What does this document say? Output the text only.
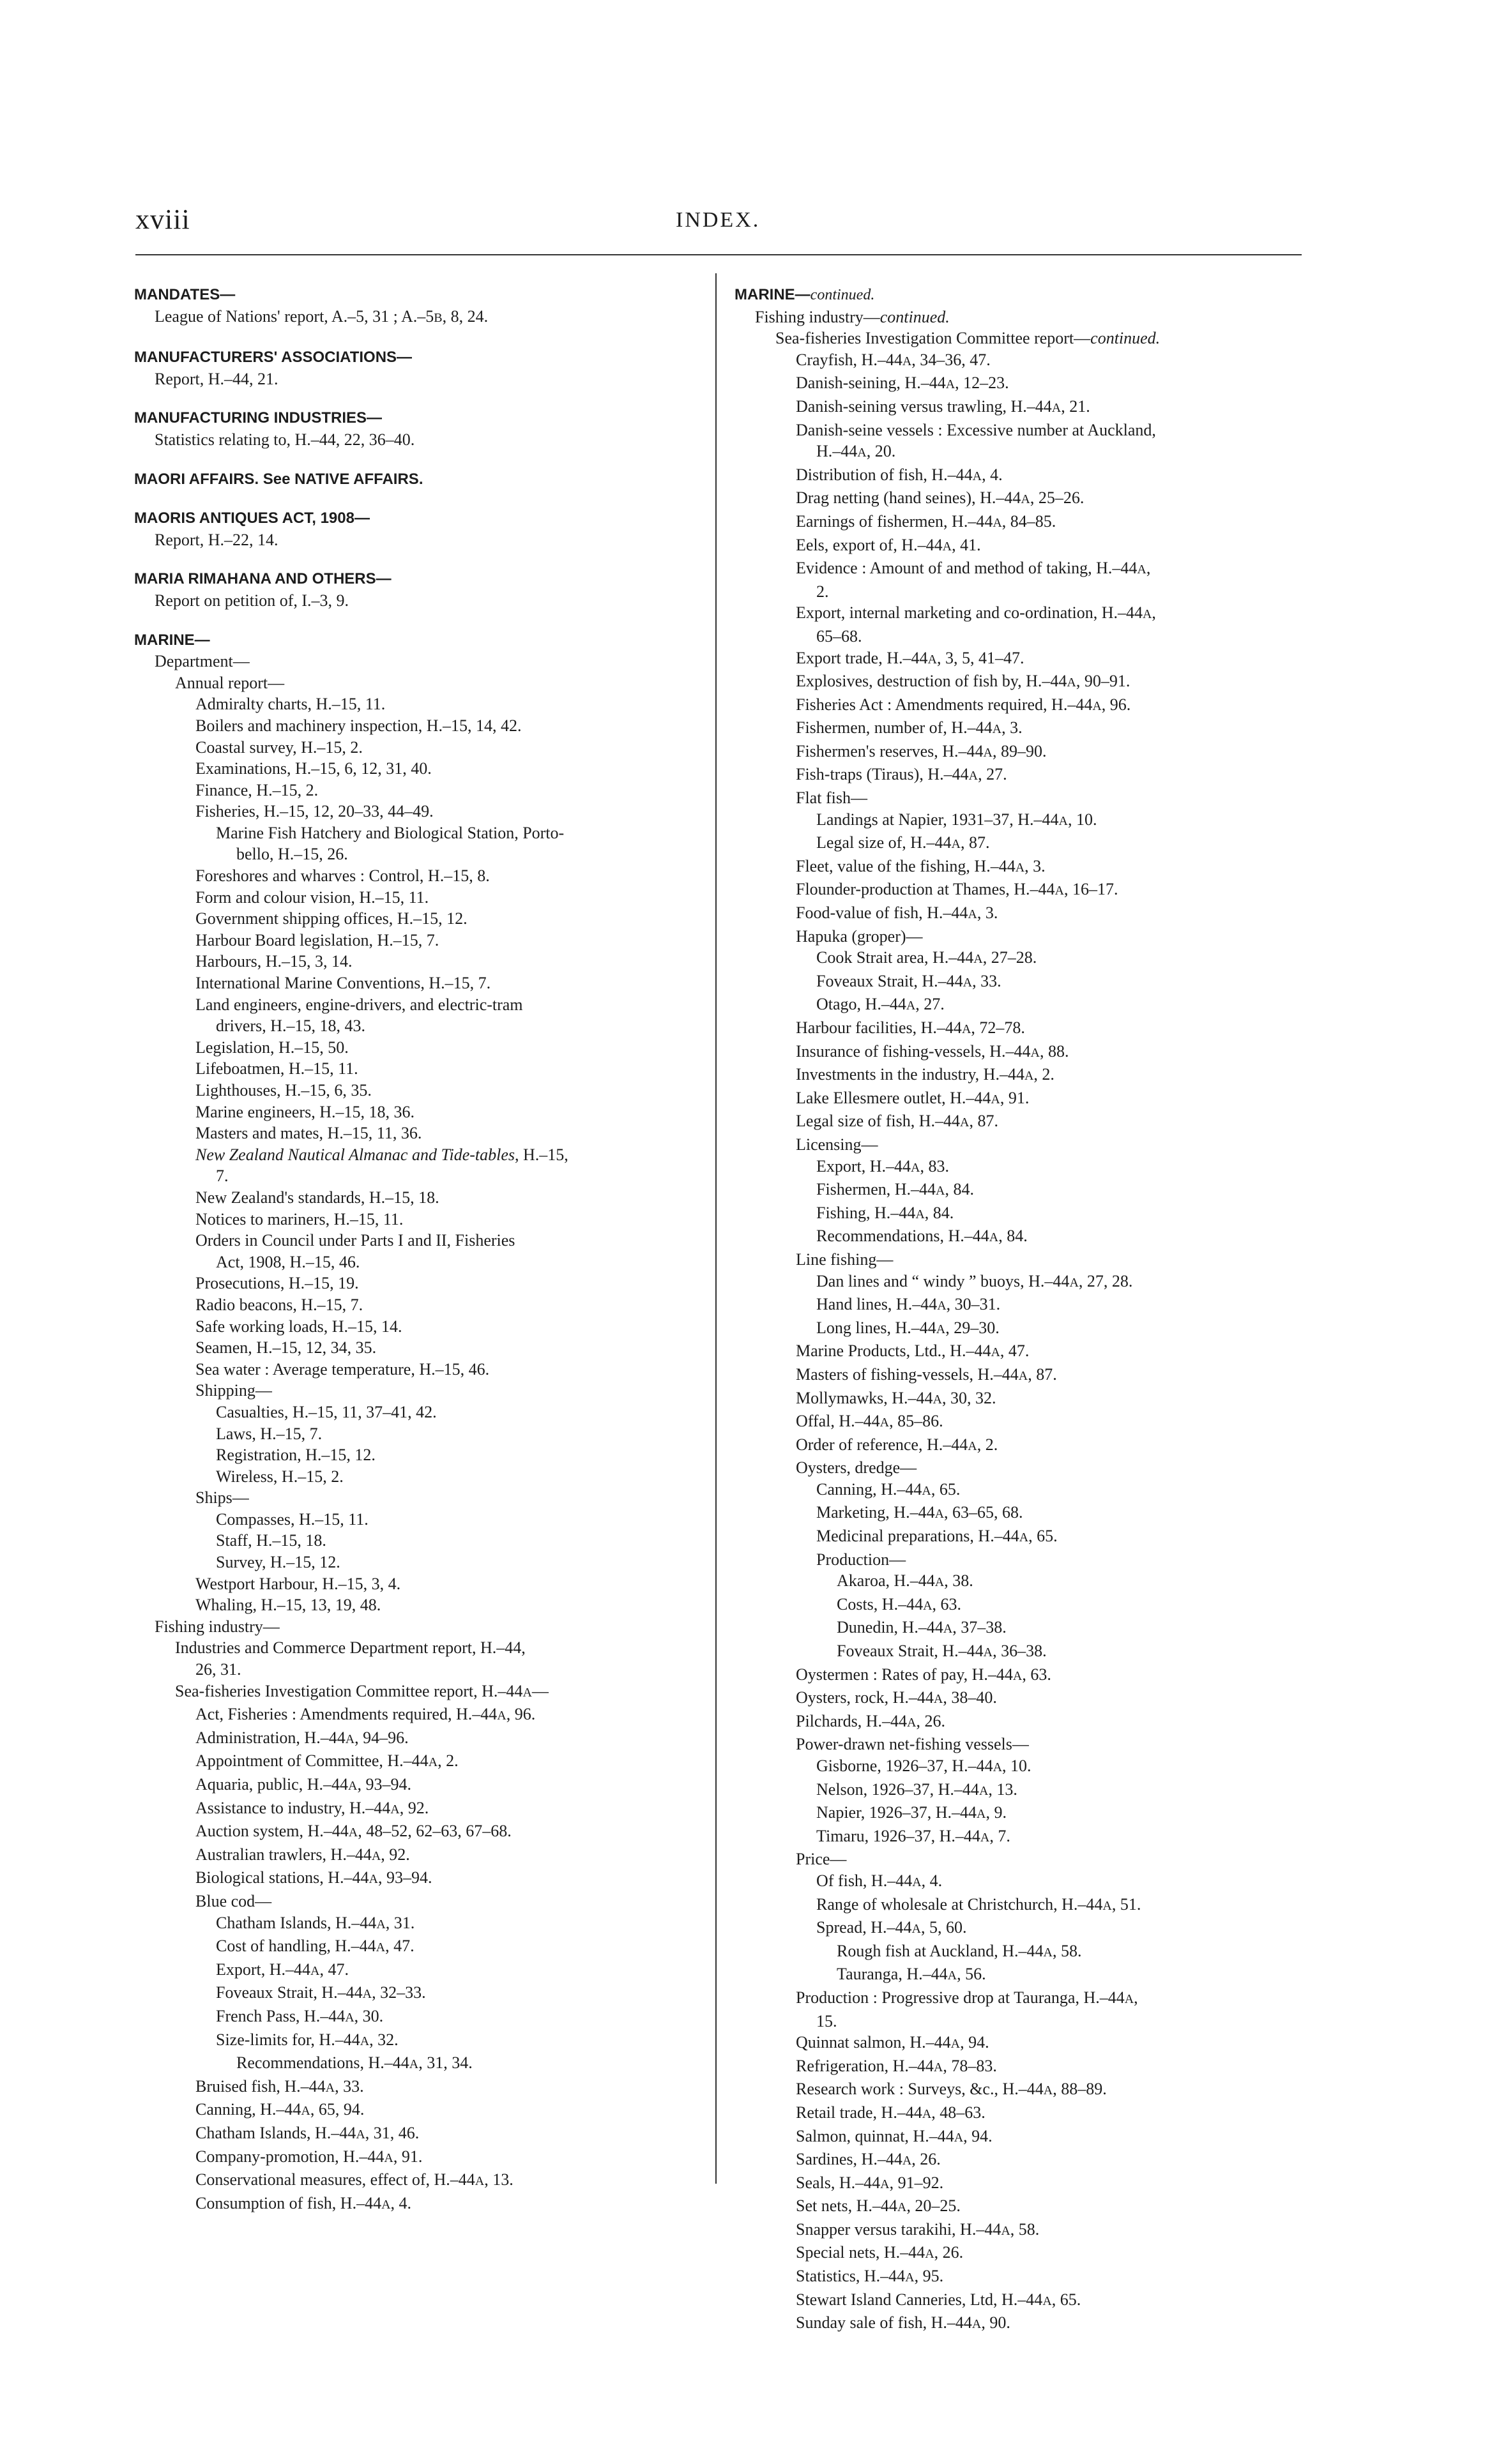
xviii	INDEX.
MANDATES—
League of Nations' report, A.–5, 31 ; A.–5B, 8, 24.
MANUFACTURERS' ASSOCIATIONS—
Report, H.–44, 21.
MANUFACTURING INDUSTRIES—
Statistics relating to, H.–44, 22, 36–40.
MAORI AFFAIRS. See NATIVE AFFAIRS.
MAORIS ANTIQUES ACT, 1908—
Report, H.–22, 14.
MARIA RIMAHANA AND OTHERS—
Report on petition of, I.–3, 9.
MARINE—
Department—
Annual report—
Admiralty charts, H.–15, 11.
Boilers and machinery inspection, H.–15, 14, 42.
Coastal survey, H.–15, 2.
Examinations, H.–15, 6, 12, 31, 40.
Finance, H.–15, 2.
Fisheries, H.–15, 12, 20–33, 44–49.
Marine Fish Hatchery and Biological Station, Porto-
bello, H.–15, 26.
Foreshores and wharves : Control, H.–15, 8.
Form and colour vision, H.–15, 11.
Government shipping offices, H.–15, 12.
Harbour Board legislation, H.–15, 7.
Harbours, H.–15, 3, 14.
International Marine Conventions, H.–15, 7.
Land engineers, engine-drivers, and electric-tram
drivers, H.–15, 18, 43.
Legislation, H.–15, 50.
Lifeboatmen, H.–15, 11.
Lighthouses, H.–15, 6, 35.
Marine engineers, H.–15, 18, 36.
Masters and mates, H.–15, 11, 36.
New Zealand Nautical Almanac and Tide-tables, H.–15,
7.
New Zealand's standards, H.–15, 18.
Notices to mariners, H.–15, 11.
Orders in Council under Parts I and II, Fisheries
Act, 1908, H.–15, 46.
Prosecutions, H.–15, 19.
Radio beacons, H.–15, 7.
Safe working loads, H.–15, 14.
Seamen, H.–15, 12, 34, 35.
Sea water : Average temperature, H.–15, 46.
Shipping—
Casualties, H.–15, 11, 37–41, 42.
Laws, H.–15, 7.
Registration, H.–15, 12.
Wireless, H.–15, 2.
Ships—
Compasses, H.–15, 11.
Staff, H.–15, 18.
Survey, H.–15, 12.
Westport Harbour, H.–15, 3, 4.
Whaling, H.–15, 13, 19, 48.
Fishing industry—
Industries and Commerce Department report, H.–44,
26, 31.
Sea-fisheries Investigation Committee report, H.–44A—
Act, Fisheries : Amendments required, H.–44A, 96.
Administration, H.–44A, 94–96.
Appointment of Committee, H.–44A, 2.
Aquaria, public, H.–44A, 93–94.
Assistance to industry, H.–44A, 92.
Auction system, H.–44A, 48–52, 62–63, 67–68.
Australian trawlers, H.–44A, 92.
Biological stations, H.–44A, 93–94.
Blue cod—
Chatham Islands, H.–44A, 31.
Cost of handling, H.–44A, 47.
Export, H.–44A, 47.
Foveaux Strait, H.–44A, 32–33.
French Pass, H.–44A, 30.
Size-limits for, H.–44A, 32.
Recommendations, H.–44A, 31, 34.
Bruised fish, H.–44A, 33.
Canning, H.–44A, 65, 94.
Chatham Islands, H.–44A, 31, 46.
Company-promotion, H.–44A, 91.
Conservational measures, effect of, H.–44A, 13.
Consumption of fish, H.–44A, 4.
MARINE—continued.
Fishing industry—continued.
Sea-fisheries Investigation Committee report—continued.
Crayfish, H.–44A, 34–36, 47.
Danish-seining, H.–44A, 12–23.
Danish-seining versus trawling, H.–44A, 21.
Danish-seine vessels : Excessive number at Auckland,
H.–44A, 20.
Distribution of fish, H.–44A, 4.
Drag netting (hand seines), H.–44A, 25–26.
Earnings of fishermen, H.–44A, 84–85.
Eels, export of, H.–44A, 41.
Evidence : Amount of and method of taking, H.–44A,
2.
Export, internal marketing and co-ordination, H.–44A,
65–68.
Export trade, H.–44A, 3, 5, 41–47.
Explosives, destruction of fish by, H.–44A, 90–91.
Fisheries Act : Amendments required, H.–44A, 96.
Fishermen, number of, H.–44A, 3.
Fishermen's reserves, H.–44A, 89–90.
Fish-traps (Tiraus), H.–44A, 27.
Flat fish—
Landings at Napier, 1931–37, H.–44A, 10.
Legal size of, H.–44A, 87.
Fleet, value of the fishing, H.–44A, 3.
Flounder-production at Thames, H.–44A, 16–17.
Food-value of fish, H.–44A, 3.
Hapuka (groper)—
Cook Strait area, H.–44A, 27–28.
Foveaux Strait, H.–44A, 33.
Otago, H.–44A, 27.
Harbour facilities, H.–44A, 72–78.
Insurance of fishing-vessels, H.–44A, 88.
Investments in the industry, H.–44A, 2.
Lake Ellesmere outlet, H.–44A, 91.
Legal size of fish, H.–44A, 87.
Licensing—
Export, H.–44A, 83.
Fishermen, H.–44A, 84.
Fishing, H.–44A, 84.
Recommendations, H.–44A, 84.
Line fishing—
Dan lines and “ windy ” buoys, H.–44A, 27, 28.
Hand lines, H.–44A, 30–31.
Long lines, H.–44A, 29–30.
Marine Products, Ltd., H.–44A, 47.
Masters of fishing-vessels, H.–44A, 87.
Mollymawks, H.–44A, 30, 32.
Offal, H.–44A, 85–86.
Order of reference, H.–44A, 2.
Oysters, dredge—
Canning, H.–44A, 65.
Marketing, H.–44A, 63–65, 68.
Medicinal preparations, H.–44A, 65.
Production—
Akaroa, H.–44A, 38.
Costs, H.–44A, 63.
Dunedin, H.–44A, 37–38.
Foveaux Strait, H.–44A, 36–38.
Oystermen : Rates of pay, H.–44A, 63.
Oysters, rock, H.–44A, 38–40.
Pilchards, H.–44A, 26.
Power-drawn net-fishing vessels—
Gisborne, 1926–37, H.–44A, 10.
Nelson, 1926–37, H.–44A, 13.
Napier, 1926–37, H.–44A, 9.
Timaru, 1926–37, H.–44A, 7.
Price—
Of fish, H.–44A, 4.
Range of wholesale at Christchurch, H.–44A, 51.
Spread, H.–44A, 5, 60.
Rough fish at Auckland, H.–44A, 58.
Tauranga, H.–44A, 56.
Production : Progressive drop at Tauranga, H.–44A,
15.
Quinnat salmon, H.–44A, 94.
Refrigeration, H.–44A, 78–83.
Research work : Surveys, &c., H.–44A, 88–89.
Retail trade, H.–44A, 48–63.
Salmon, quinnat, H.–44A, 94.
Sardines, H.–44A, 26.
Seals, H.–44A, 91–92.
Set nets, H.–44A, 20–25.
Snapper versus tarakihi, H.–44A, 58.
Special nets, H.–44A, 26.
Statistics, H.–44A, 95.
Stewart Island Canneries, Ltd, H.–44A, 65.
Sunday sale of fish, H.–44A, 90.
